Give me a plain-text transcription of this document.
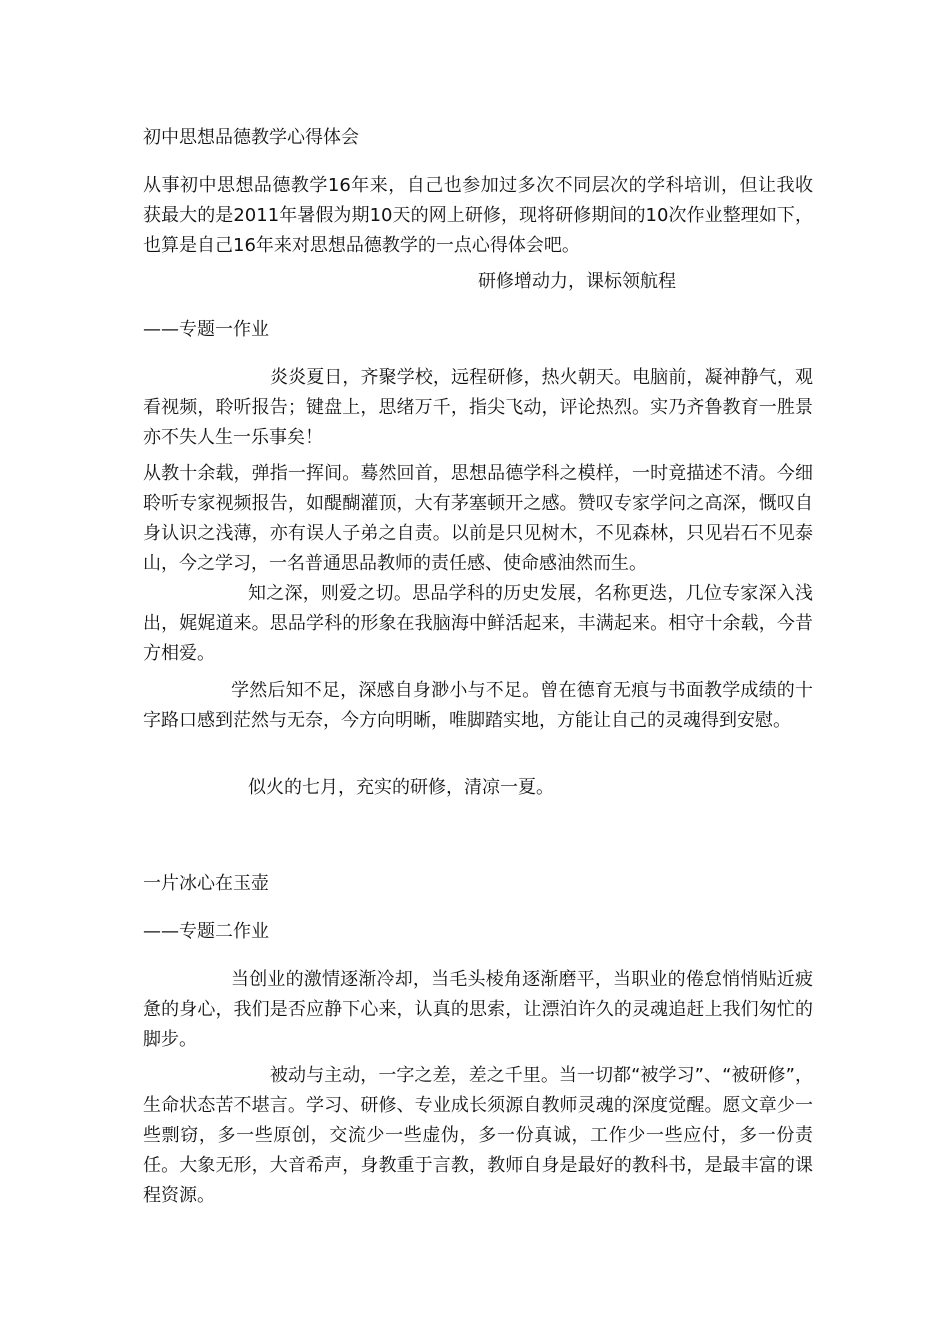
初中思想品德教学心得体会
从事初中思想品德教学16年来，自己也参加过多次不同层次的学科培训，但让我收获最大的是2011年暑假为期10天的网上研修，现将研修期间的10次作业整理如下，也算是自己16年来对思想品德教学的一点心得体会吧。
研修增动力，课标领航程
——专题一作业
炎炎夏日，齐聚学校，远程研修，热火朝天。电脑前，凝神静气，观看视频，聆听报告；键盘上，思绪万千，指尖飞动，评论热烈。实乃齐鲁教育一胜景亦不失人生一乐事矣！
从教十余载，弹指一挥间。蓦然回首，思想品德学科之模样，一时竟描述不清。今细聆听专家视频报告，如醍醐灌顶，大有茅塞顿开之感。赞叹专家学问之高深，慨叹自身认识之浅薄，亦有误人子弟之自责。以前是只见树木，不见森林，只见岩石不见泰山，今之学习，一名普通思品教师的责任感、使命感油然而生。
知之深，则爱之切。思品学科的历史发展，名称更迭，几位专家深入浅出，娓娓道来。思品学科的形象在我脑海中鲜活起来，丰满起来。相守十余载，今昔方相爱。
学然后知不足，深感自身渺小与不足。曾在德育无痕与书面教学成绩的十字路口感到茫然与无奈，今方向明晰，唯脚踏实地，方能让自己的灵魂得到安慰。
似火的七月，充实的研修，清凉一夏。
一片冰心在玉壶
——专题二作业
当创业的激情逐渐冷却，当毛头棱角逐渐磨平，当职业的倦怠悄悄贴近疲惫的身心，我们是否应静下心来，认真的思索，让漂泊许久的灵魂追赶上我们匆忙的脚步。
被动与主动，一字之差，差之千里。当一切都“被学习”、“被研修”，生命状态苦不堪言。学习、研修、专业成长须源自教师灵魂的深度觉醒。愿文章少一些剽窃，多一些原创，交流少一些虚伪，多一份真诚，工作少一些应付，多一份责任。大象无形，大音希声，身教重于言教，教师自身是最好的教科书，是最丰富的课程资源。
